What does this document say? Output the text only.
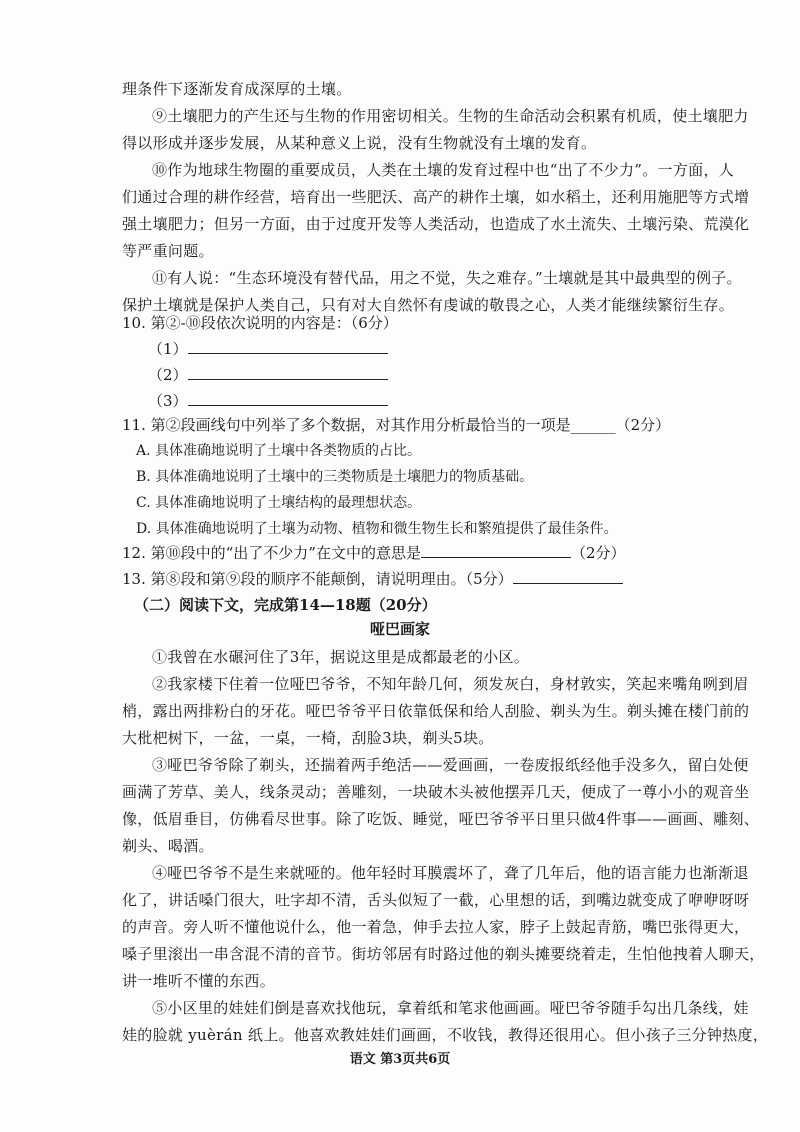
理条件下逐渐发育成深厚的土壤。
⑨土壤肥力的产生还与生物的作用密切相关。生物的生命活动会积累有机质，使土壤肥力
得以形成并逐步发展，从某种意义上说，没有生物就没有土壤的发育。
⑩作为地球生物圈的重要成员，人类在土壤的发育过程中也“出了不少力”。一方面，人
们通过合理的耕作经营，培育出一些肥沃、高产的耕作土壤，如水稻土，还利用施肥等方式增
强土壤肥力；但另一方面，由于过度开发等人类活动，也造成了水土流失、土壤污染、荒漠化
等严重问题。
⑪有人说：“生态环境没有替代品，用之不觉，失之难存。”土壤就是其中最典型的例子。
保护土壤就是保护人类自己，只有对大自然怀有虔诚的敬畏之心，人类才能继续繁衍生存。
10. 第②-⑩段依次说明的内容是：（6分）
（1）
（2）
（3）
11. 第②段画线句中列举了多个数据，对其作用分析最恰当的一项是______（2分）
A. 具体准确地说明了土壤中各类物质的占比。
B. 具体准确地说明了土壤中的三类物质是土壤肥力的物质基础。
C. 具体准确地说明了土壤结构的最理想状态。
D. 具体准确地说明了土壤为动物、植物和微生物生长和繁殖提供了最佳条件。
12. 第⑩段中的“出了不少力”在文中的意思是	（2分）
13. 第⑧段和第⑨段的顺序不能颠倒，请说明理由。（5分）
（二）阅读下文，完成第14—18题（20分）
哑巴画家
①我曾在水碾河住了3年，据说这里是成都最老的小区。
②我家楼下住着一位哑巴爷爷，不知年龄几何，须发灰白，身材敦实，笑起来嘴角咧到眉
梢，露出两排粉白的牙花。哑巴爷爷平日依靠低保和给人刮脸、剃头为生。剃头摊在楼门前的
大枇杷树下，一盆，一桌，一椅，刮脸3块，剃头5块。
③哑巴爷爷除了剃头，还揣着两手绝活——爱画画，一卷废报纸经他手没多久，留白处便
画满了芳草、美人，线条灵动；善雕刻，一块破木头被他摆弄几天，便成了一尊小小的观音坐
像，低眉垂目，仿佛看尽世事。除了吃饭、睡觉，哑巴爷爷平日里只做4件事——画画、雕刻、
剃头、喝酒。
④哑巴爷爷不是生来就哑的。他年轻时耳膜震坏了，聋了几年后，他的语言能力也渐渐退
化了，讲话嗓门很大，吐字却不清，舌头似短了一截，心里想的话，到嘴边就变成了咿咿呀呀
的声音。旁人听不懂他说什么，他一着急，伸手去拉人家，脖子上鼓起青筋，嘴巴张得更大，
嗓子里滚出一串含混不清的音节。街坊邻居有时路过他的剃头摊要绕着走，生怕他拽着人聊天，
讲一堆听不懂的东西。
⑤小区里的娃娃们倒是喜欢找他玩，拿着纸和笔求他画画。哑巴爷爷随手勾出几条线，娃
娃的脸就 yuèrán 纸上。他喜欢教娃娃们画画，不收钱，教得还很用心。但小孩子三分钟热度，
语文 第3页共6页
